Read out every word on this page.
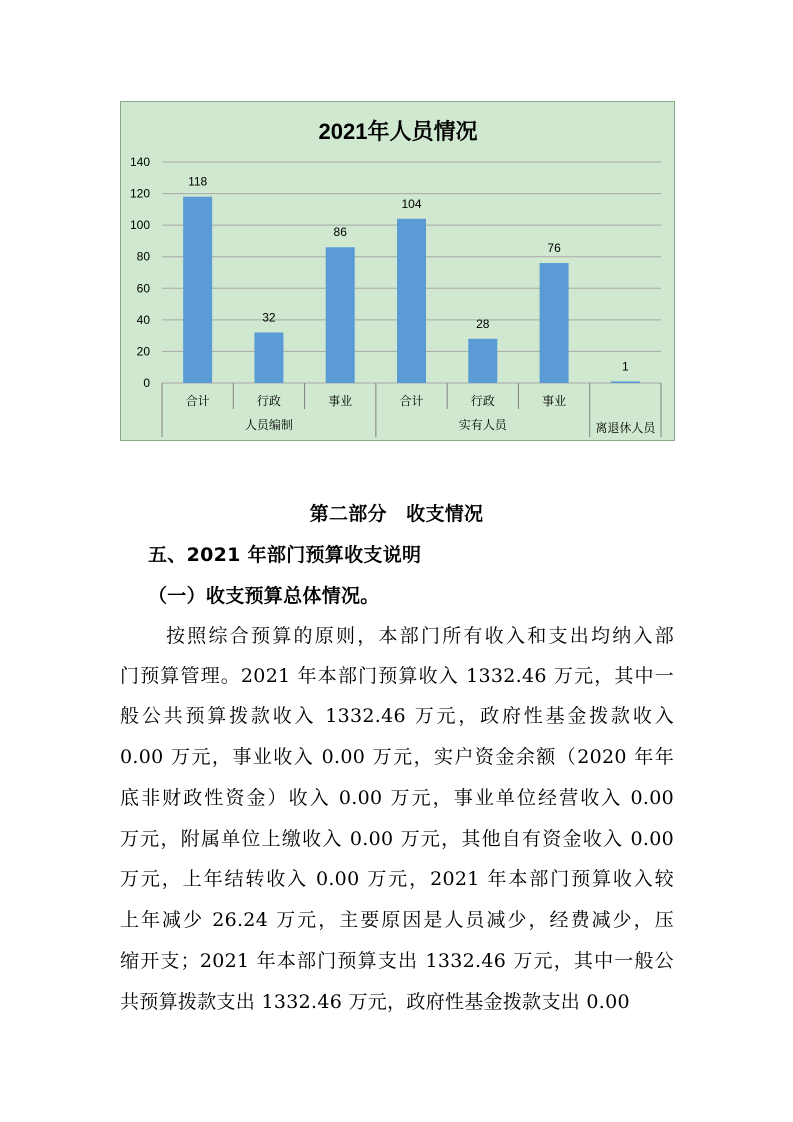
2021年人员情况
0
20
40
60
80
100
120
140
118
32
86
104
28
76
1
合计	行政	事业	合计	行政	事业
人员编制	实有人员	离退休人员
第二部分　收支情况
五、2021 年部门预算收支说明
（一）收支预算总体情况。
按照综合预算的原则，本部门所有收入和支出均纳入部
门预算管理。2021 年本部门预算收入 1332.46 万元，其中一
般公共预算拨款收入 1332.46 万元，政府性基金拨款收入
0.00 万元，事业收入 0.00 万元，实户资金余额（2020 年年
底非财政性资金）收入 0.00 万元，事业单位经营收入 0.00
万元，附属单位上缴收入 0.00 万元，其他自有资金收入 0.00
万元，上年结转收入 0.00 万元，2021 年本部门预算收入较
上年减少 26.24 万元，主要原因是人员减少，经费减少，压
缩开支；2021 年本部门预算支出 1332.46 万元，其中一般公
共预算拨款支出 1332.46 万元，政府性基金拨款支出 0.00
